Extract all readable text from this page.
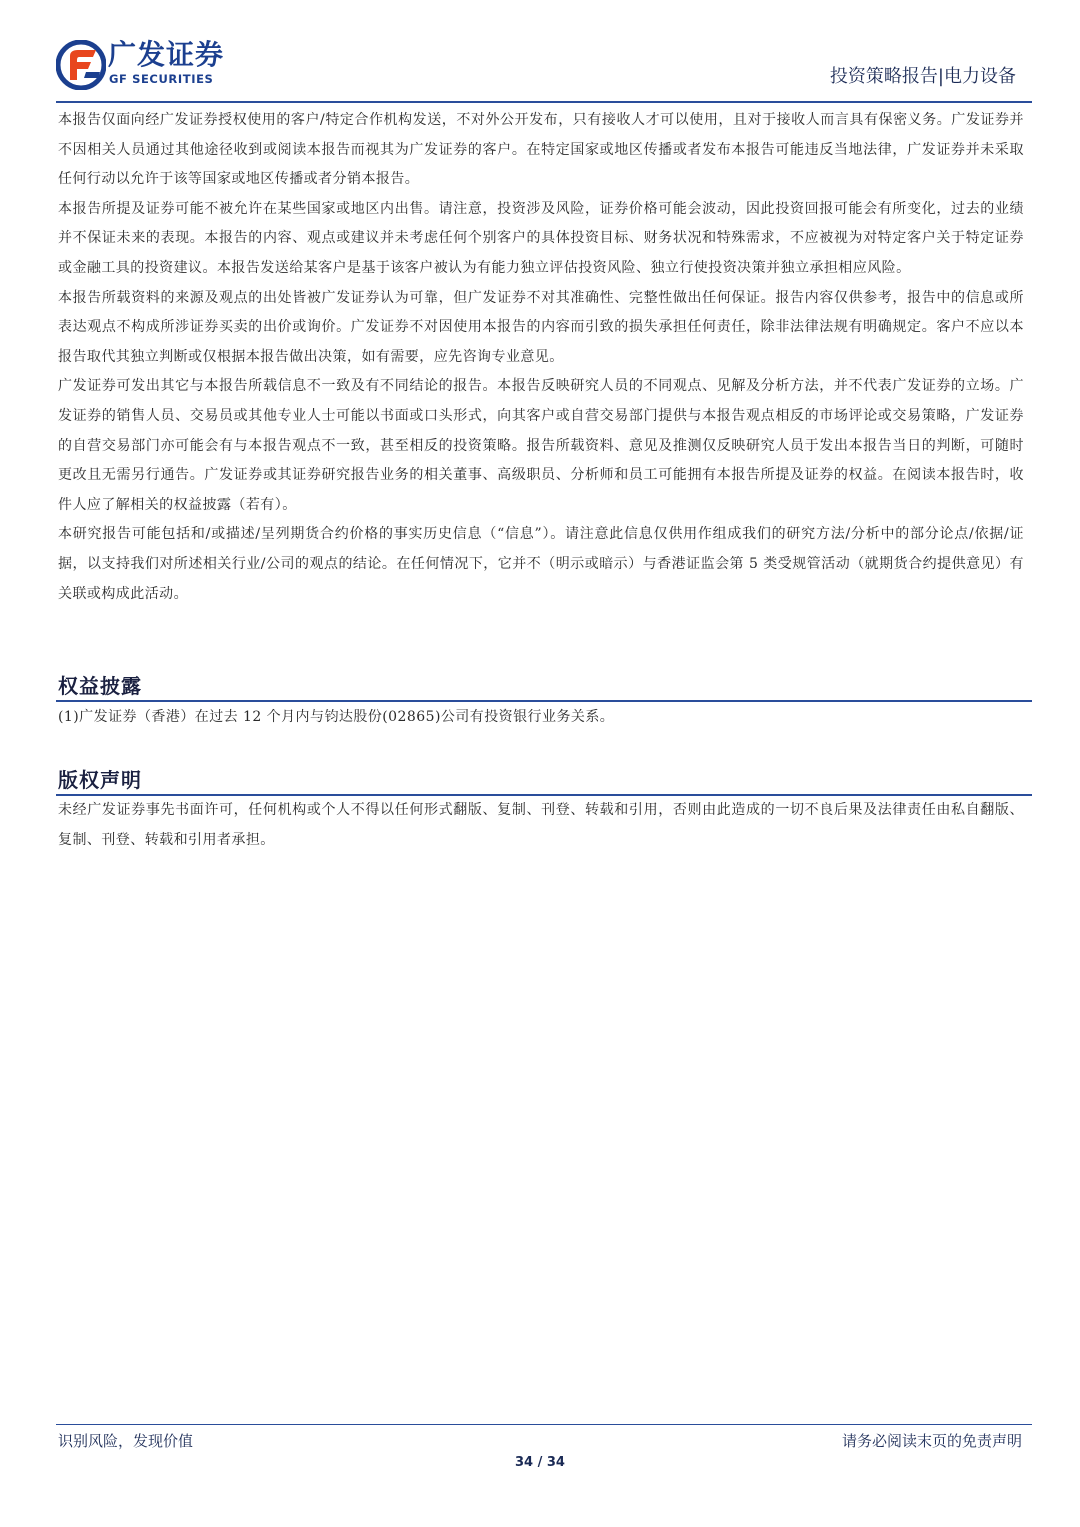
广发证券
GF SECURITIES	投资策略报告|电力设备

本报告仅面向经广发证券授权使用的客户/特定合作机构发送，不对外公开发布，只有接收人才可以使用，且对于接收人而言具有保密义务。广发证券并不因相关人员通过其他途径收到或阅读本报告而视其为广发证券的客户。在特定国家或地区传播或者发布本报告可能违反当地法律，广发证券并未采取任何行动以允许于该等国家或地区传播或者分销本报告。

本报告所提及证券可能不被允许在某些国家或地区内出售。请注意，投资涉及风险，证券价格可能会波动，因此投资回报可能会有所变化，过去的业绩并不保证未来的表现。本报告的内容、观点或建议并未考虑任何个别客户的具体投资目标、财务状况和特殊需求，不应被视为对特定客户关于特定证券或金融工具的投资建议。本报告发送给某客户是基于该客户被认为有能力独立评估投资风险、独立行使投资决策并独立承担相应风险。

本报告所载资料的来源及观点的出处皆被广发证券认为可靠，但广发证券不对其准确性、完整性做出任何保证。报告内容仅供参考，报告中的信息或所表达观点不构成所涉证券买卖的出价或询价。广发证券不对因使用本报告的内容而引致的损失承担任何责任，除非法律法规有明确规定。客户不应以本报告取代其独立判断或仅根据本报告做出决策，如有需要，应先咨询专业意见。

广发证券可发出其它与本报告所载信息不一致及有不同结论的报告。本报告反映研究人员的不同观点、见解及分析方法，并不代表广发证券的立场。广发证券的销售人员、交易员或其他专业人士可能以书面或口头形式，向其客户或自营交易部门提供与本报告观点相反的市场评论或交易策略，广发证券的自营交易部门亦可能会有与本报告观点不一致，甚至相反的投资策略。报告所载资料、意见及推测仅反映研究人员于发出本报告当日的判断，可随时更改且无需另行通告。广发证券或其证券研究报告业务的相关董事、高级职员、分析师和员工可能拥有本报告所提及证券的权益。在阅读本报告时，收件人应了解相关的权益披露（若有）。

本研究报告可能包括和/或描述/呈列期货合约价格的事实历史信息（“信息”）。请注意此信息仅供用作组成我们的研究方法/分析中的部分论点/依据/证据，以支持我们对所述相关行业/公司的观点的结论。在任何情况下，它并不（明示或暗示）与香港证监会第 5 类受规管活动（就期货合约提供意见）有关联或构成此活动。

权益披露

(1)广发证券（香港）在过去 12 个月内与钧达股份(02865)公司有投资银行业务关系。

版权声明

未经广发证券事先书面许可，任何机构或个人不得以任何形式翻版、复制、刊登、转载和引用，否则由此造成的一切不良后果及法律责任由私自翻版、复制、刊登、转载和引用者承担。

识别风险，发现价值	请务必阅读末页的免责声明
34 / 34
